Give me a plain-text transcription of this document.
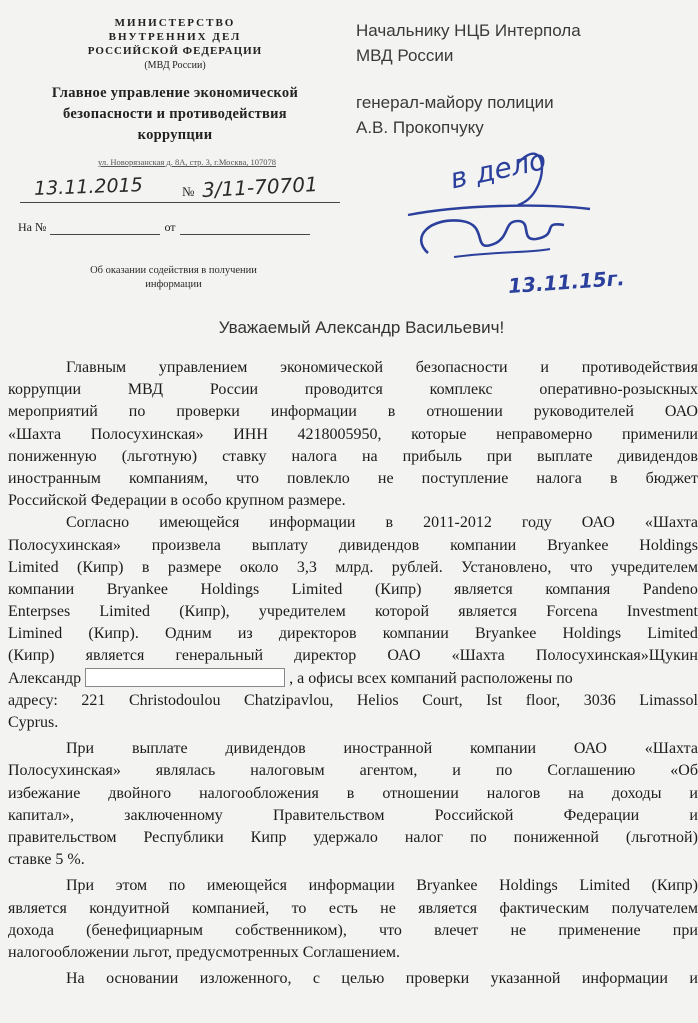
МИНИСТЕРСТВО
ВНУТРЕННИХ ДЕЛ
РОССИЙСКОЙ ФЕДЕРАЦИИ
(МВД России)
Главное управление экономической
безопасности и противодействия
коррупции
ул. Новорязанская д. 8А, стр. 3, г.Москва, 107078
13.11.2015	№ 3/11-70701
На №	от
Об оказании содействия в получении
информации
Начальнику НЦБ Интерпола
МВД России
генерал-майору полиции
А.В. Прокопчуку
в дело
13.11.15г.
Уважаемый Александр Васильевич!
Главным управлением экономической безопасности и противодействия
коррупции	МВД	России	проводится	комплекс	оперативно-розыскных
мероприятий по проверки информации в отношении руководителей ОАО
«Шахта Полосухинская» ИНН 4218005950, которые неправомерно применили
пониженную (льготную) ставку налога на прибыль при выплате дивидендов
иностранным компаниям, что повлекло не поступление налога в бюджет
Российской Федерации в особо крупном размере.
Согласно имеющейся информации в 2011-2012 году ОАО «Шахта
Полосухинская» произвела выплату дивидендов компании Bryankee Holdings
Limited (Кипр) в размере около 3,3 млрд. рублей. Установлено, что учредителем
компании Bryankee Holdings Limited (Кипр) является компания Pandeno
Enterpses Limited (Кипр), учредителем которой является Forcena Investment
Limined (Кипр). Одним из директоров компании Bryankee Holdings Limited
(Кипр) является генеральный директор ОАО «Шахта Полосухинская»Щукин
Александр	, а офисы всех компаний расположены по
адресу: 221 Christodoulou Chatzipavlou, Helios Court, Ist floor, 3036 Limassol
Cyprus.
При выплате дивидендов иностранной компании ОАО «Шахта
Полосухинская» являлась налоговым агентом, и по Соглашению «Об
избежание двойного налогообложения в отношении налогов на доходы и
капитал»,	заключенному	Правительством	Российской	Федерации	и
правительством Республики Кипр удержало налог по пониженной (льготной)
ставке 5 %.
При этом по имеющейся информации Bryankee Holdings Limited (Кипр)
является кондуитной компанией, то есть не является фактическим получателем
дохода (бенефициарным собственником), что влечет не применение при
налогообложении льгот, предусмотренных Соглашением.
На основании изложенного, с целью проверки указанной информации и
